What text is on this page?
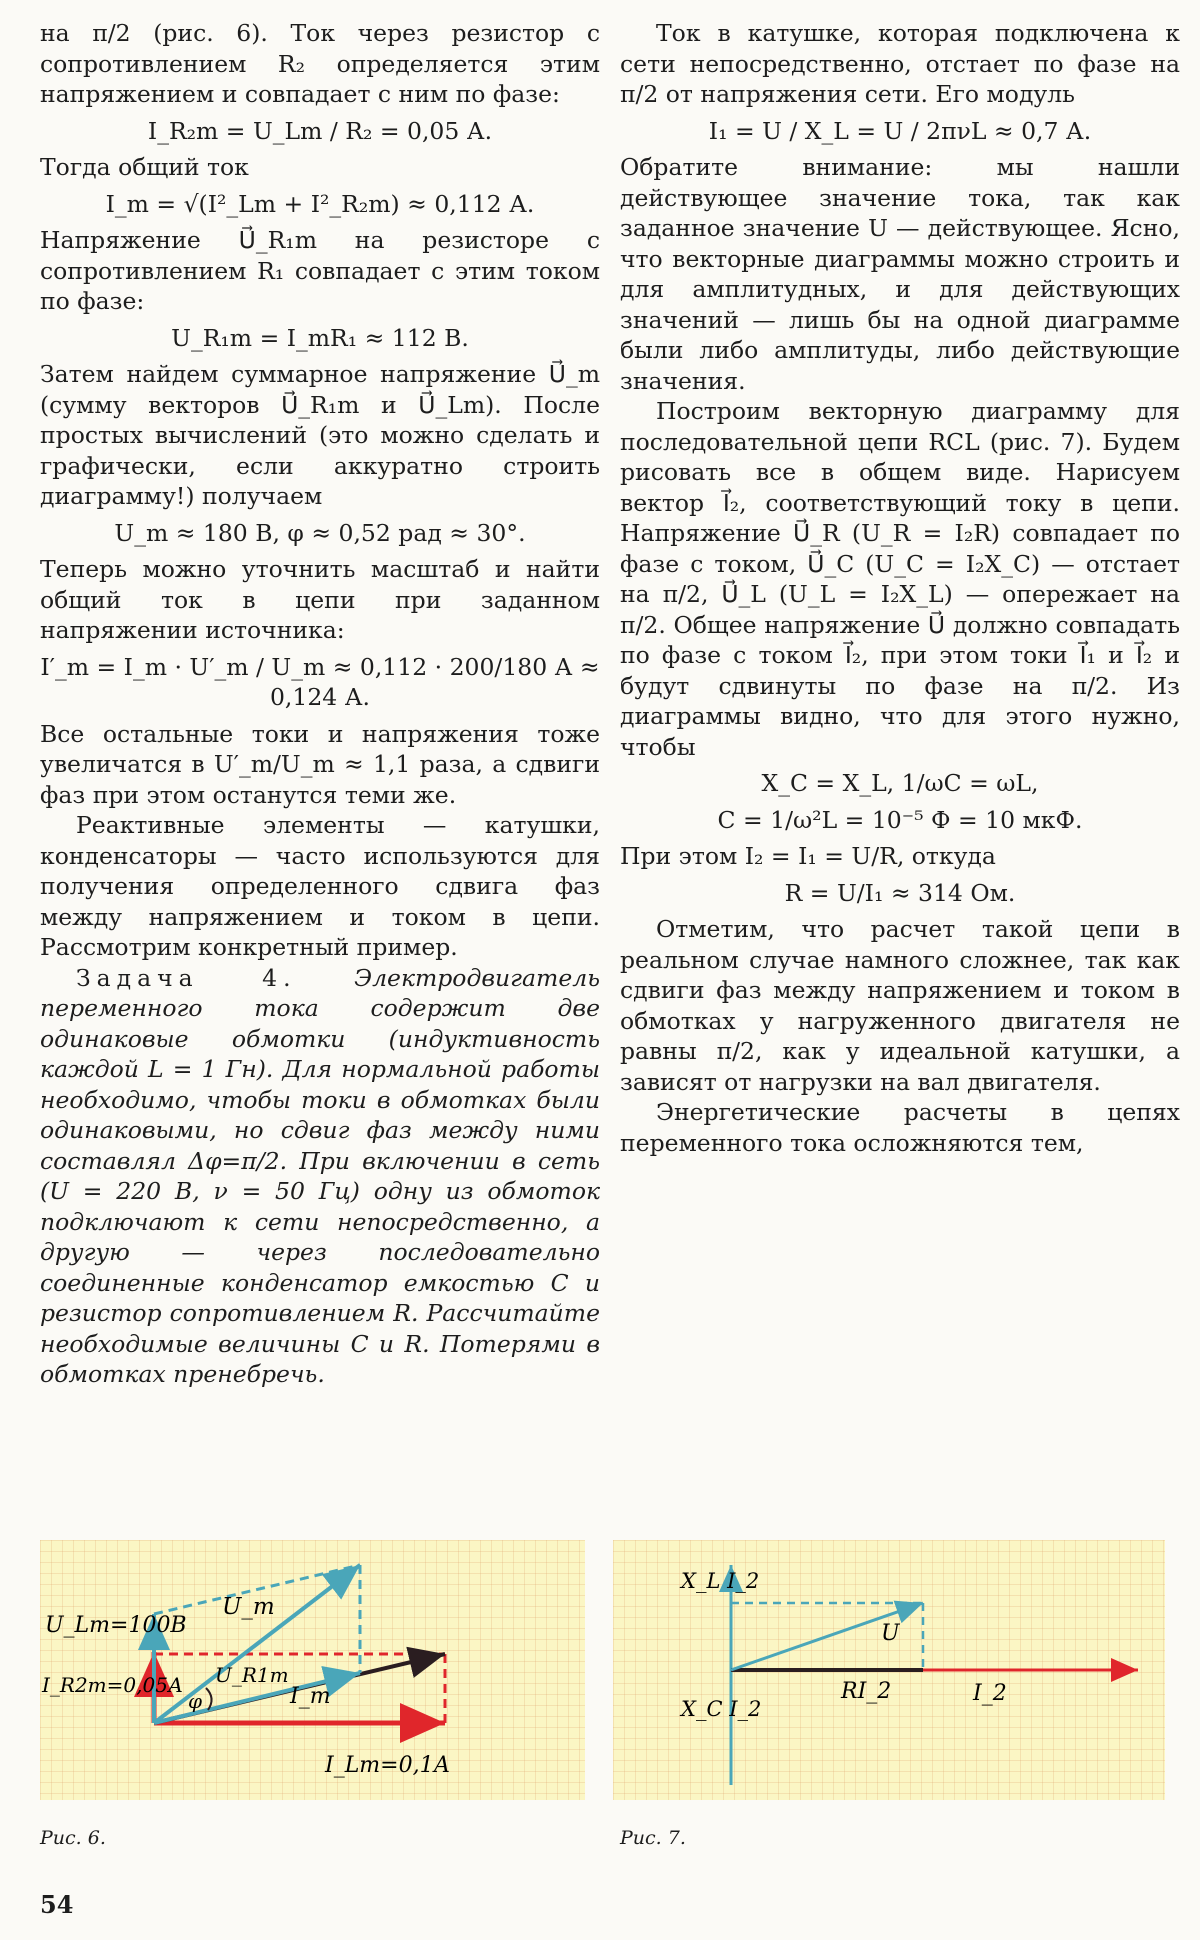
на π/2 (рис. 6). Ток через резистор с сопротивлением R₂ определяется этим напряжением и совпадает с ним по фазе:

I_R₂m = U_Lm / R₂ = 0,05 А.

Тогда общий ток

I_m = √(I²_Lm + I²_R₂m) ≈ 0,112 А.

Напряжение U⃗_R₁m на резисторе с сопротивлением R₁ совпадает с этим током по фазе:

U_R₁m = I_mR₁ ≈ 112 В.

Затем найдем суммарное напряжение U⃗_m (сумму векторов U⃗_R₁m и U⃗_Lm). После простых вычислений (это можно сделать и графически, если аккуратно строить диаграмму!) получаем

U_m ≈ 180 В, φ ≈ 0,52 рад ≈ 30°.

Теперь можно уточнить масштаб и найти общий ток в цепи при заданном напряжении источника:

I′_m = I_m · U′_m / U_m ≈ 0,112 · 200/180 А ≈ 0,124 А.

Все остальные токи и напряжения тоже увеличатся в U′_m/U_m ≈ 1,1 раза, а сдвиги фаз при этом останутся теми же.

Реактивные элементы — катушки, конденсаторы — часто используются для получения определенного сдвига фаз между напряжением и током в цепи. Рассмотрим конкретный пример.

Задача 4. Электродвигатель переменного тока содержит две одинаковые обмотки (индуктивность каждой L = 1 Гн). Для нормальной работы необходимо, чтобы токи в обмотках были одинаковыми, но сдвиг фаз между ними составлял Δφ=π/2. При включении в сеть (U = 220 В, ν = 50 Гц) одну из обмоток подключают к сети непосредственно, а другую — через последовательно соединенные конденсатор емкостью C и резистор сопротивлением R. Рассчитайте необходимые величины C и R. Потерями в обмотках пренебречь.

Ток в катушке, которая подключена к сети непосредственно, отстает по фазе на π/2 от напряжения сети. Его модуль

I₁ = U / X_L = U / 2πνL ≈ 0,7 А.

Обратите внимание: мы нашли действующее значение тока, так как заданное значение U — действующее. Ясно, что векторные диаграммы можно строить и для амплитудных, и для действующих значений — лишь бы на одной диаграмме были либо амплитуды, либо действующие значения.

Построим векторную диаграмму для последовательной цепи RCL (рис. 7). Будем рисовать все в общем виде. Нарисуем вектор I⃗₂, соответствующий току в цепи. Напряжение U⃗_R (U_R = I₂R) совпадает по фазе с током, U⃗_C (U_C = I₂X_C) — отстает на π/2, U⃗_L (U_L = I₂X_L) — опережает на π/2. Общее напряжение U⃗ должно совпадать по фазе с током I⃗₂, при этом токи I⃗₁ и I⃗₂ и будут сдвинуты по фазе на π/2. Из диаграммы видно, что для этого нужно, чтобы

X_C = X_L, 1/ωC = ωL,

C = 1/ω²L = 10⁻⁵ Ф = 10 мкФ.

При этом I₂ = I₁ = U/R, откуда

R = U/I₁ ≈ 314 Ом.

Отметим, что расчет такой цепи в реальном случае намного сложнее, так как сдвиги фаз между напряжением и током в обмотках у нагруженного двигателя не равны π/2, как у идеальной катушки, а зависят от нагрузки на вал двигателя.

Энергетические расчеты в цепях переменного тока осложняются тем,

U_m
U_Lm=100В
U_R1m
I_R2m=0,05А
φ	I_m
I_Lm=0,1А
X_L I_2
X_C I_2
U
RI_2	I_2
Рис. 6.	Рис. 7.
54
